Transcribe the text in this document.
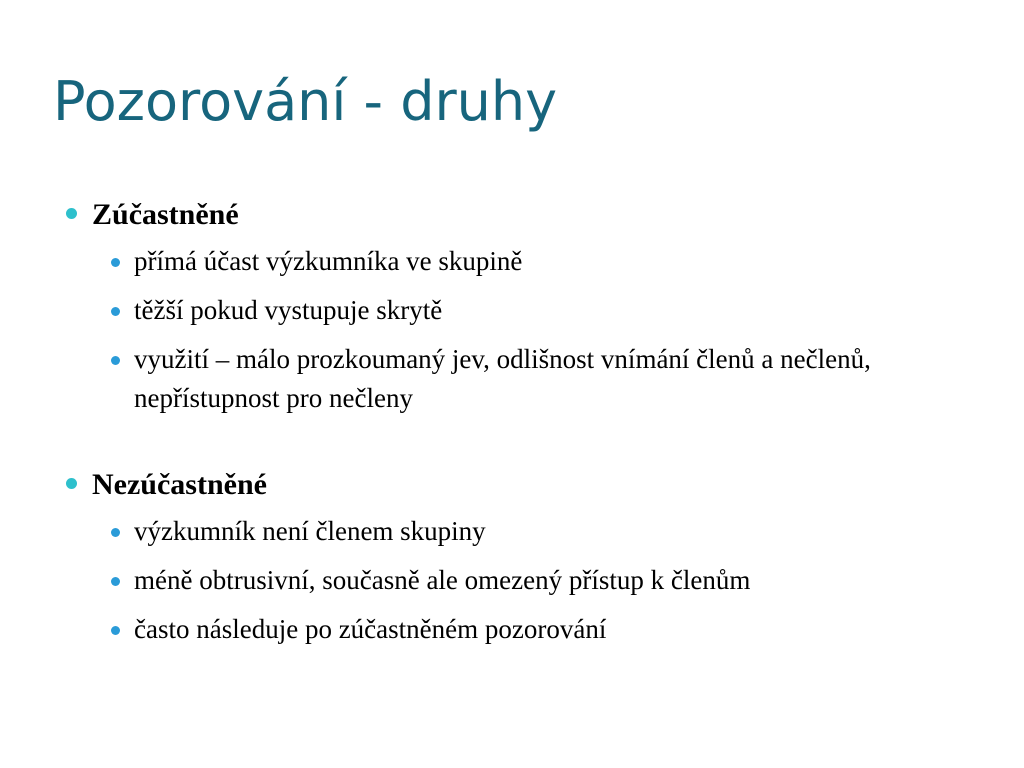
Pozorování - druhy
Zúčastněné
přímá účast výzkumníka ve skupině
těžší pokud vystupuje skrytě
využití – málo prozkoumaný jev, odlišnost vnímání členů a nečlenů, nepřístupnost pro nečleny
Nezúčastněné
výzkumník není členem skupiny
méně obtrusivní, současně ale omezený přístup k členům
často následuje po zúčastněném pozorování
